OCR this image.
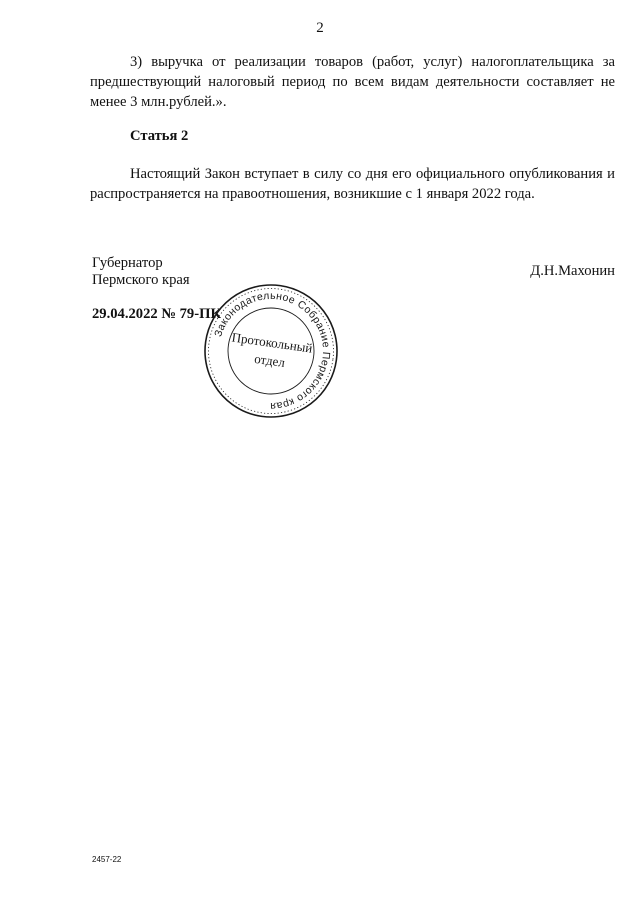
2
3) выручка от реализации товаров (работ, услуг) налогоплательщика за предшествующий налоговый период по всем видам деятельности составляет не менее 3 млн.рублей.».
Статья 2
Настоящий Закон вступает в силу со дня его официального опубликования и распространяется на правоотношения, возникшие с 1 января 2022 года.
Губернатор
Пермского края
Д.Н.Махонин
29.04.2022 № 79-ПК
Законодательное Собрание Пермского края
Протокольный
отдел
2457-22
